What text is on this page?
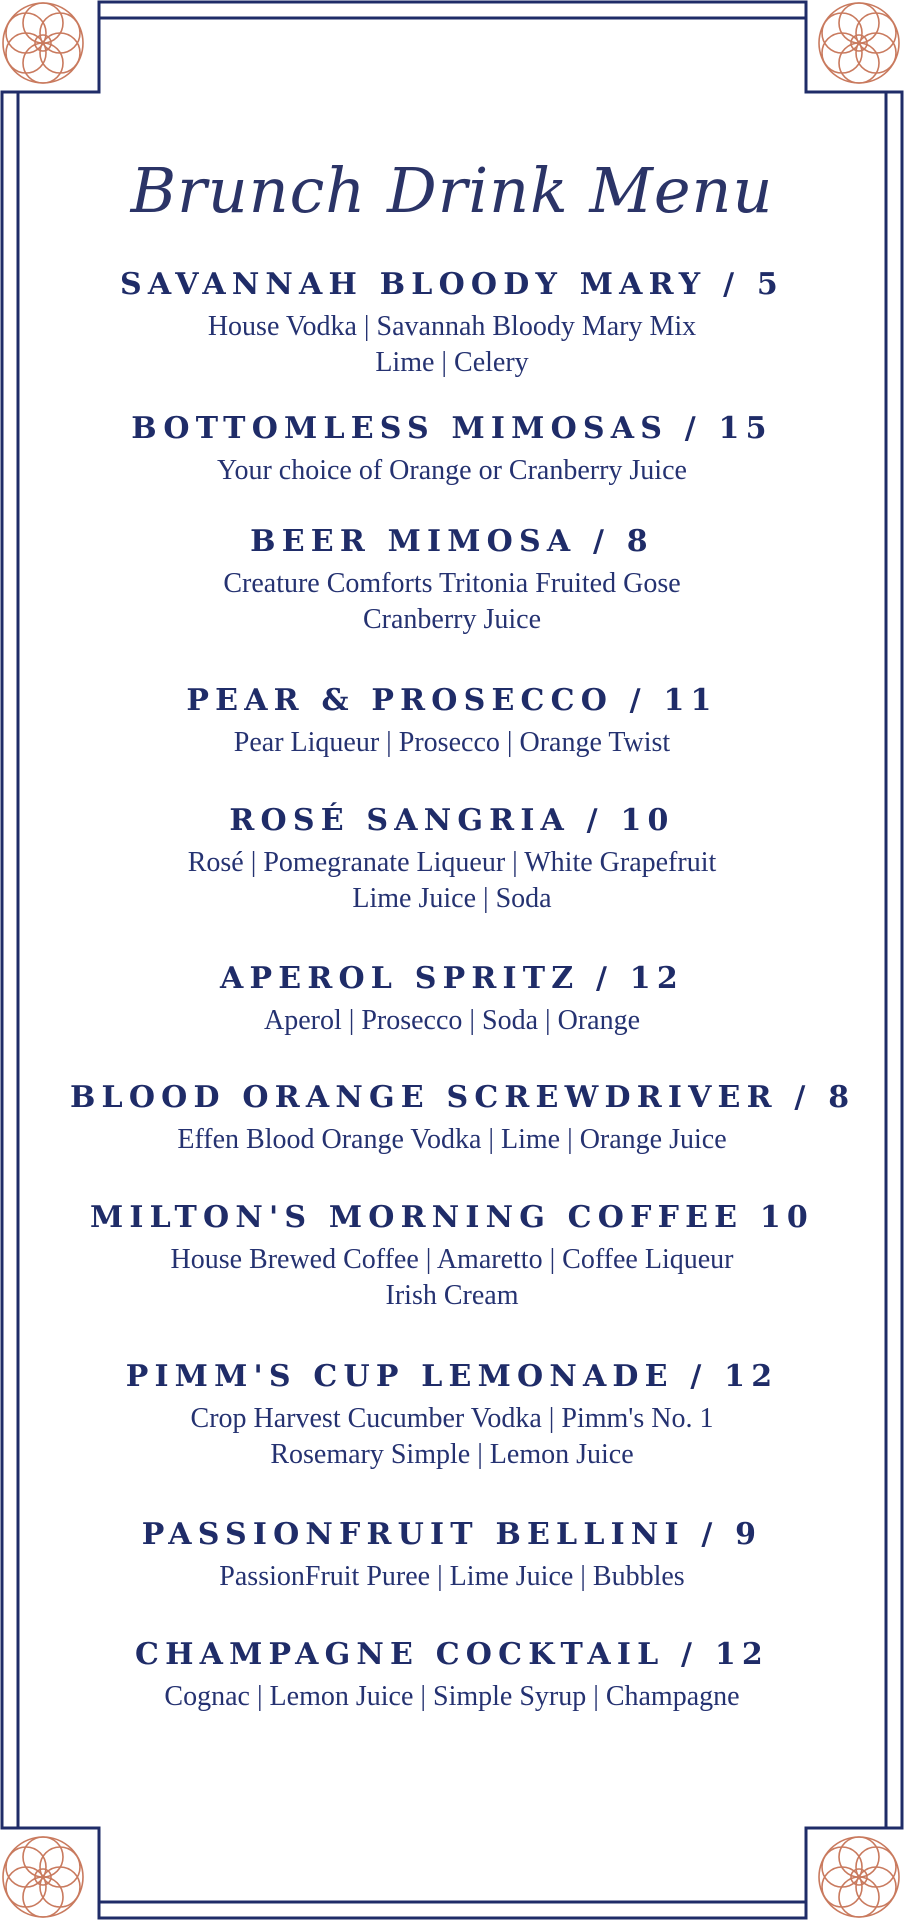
Brunch Drink Menu
SAVANNAH BLOODY MARY / 5
House Vodka | Savannah Bloody Mary Mix
Lime | Celery
BOTTOMLESS MIMOSAS / 15
Your choice of Orange or Cranberry Juice
BEER MIMOSA / 8
Creature Comforts Tritonia Fruited Gose
Cranberry Juice
PEAR & PROSECCO / 11
Pear Liqueur | Prosecco | Orange Twist
ROSÉ SANGRIA / 10
Rosé | Pomegranate Liqueur | White Grapefruit
Lime Juice | Soda
APEROL SPRITZ / 12
Aperol | Prosecco | Soda | Orange
BLOOD ORANGE SCREWDRIVER / 8
Effen Blood Orange Vodka | Lime | Orange Juice
MILTON'S MORNING COFFEE 10
House Brewed Coffee | Amaretto | Coffee Liqueur
Irish Cream
PIMM'S CUP LEMONADE / 12
Crop Harvest Cucumber Vodka | Pimm's No. 1
Rosemary Simple | Lemon Juice
PASSIONFRUIT BELLINI / 9
PassionFruit Puree | Lime Juice | Bubbles
CHAMPAGNE COCKTAIL / 12
Cognac | Lemon Juice | Simple Syrup | Champagne
